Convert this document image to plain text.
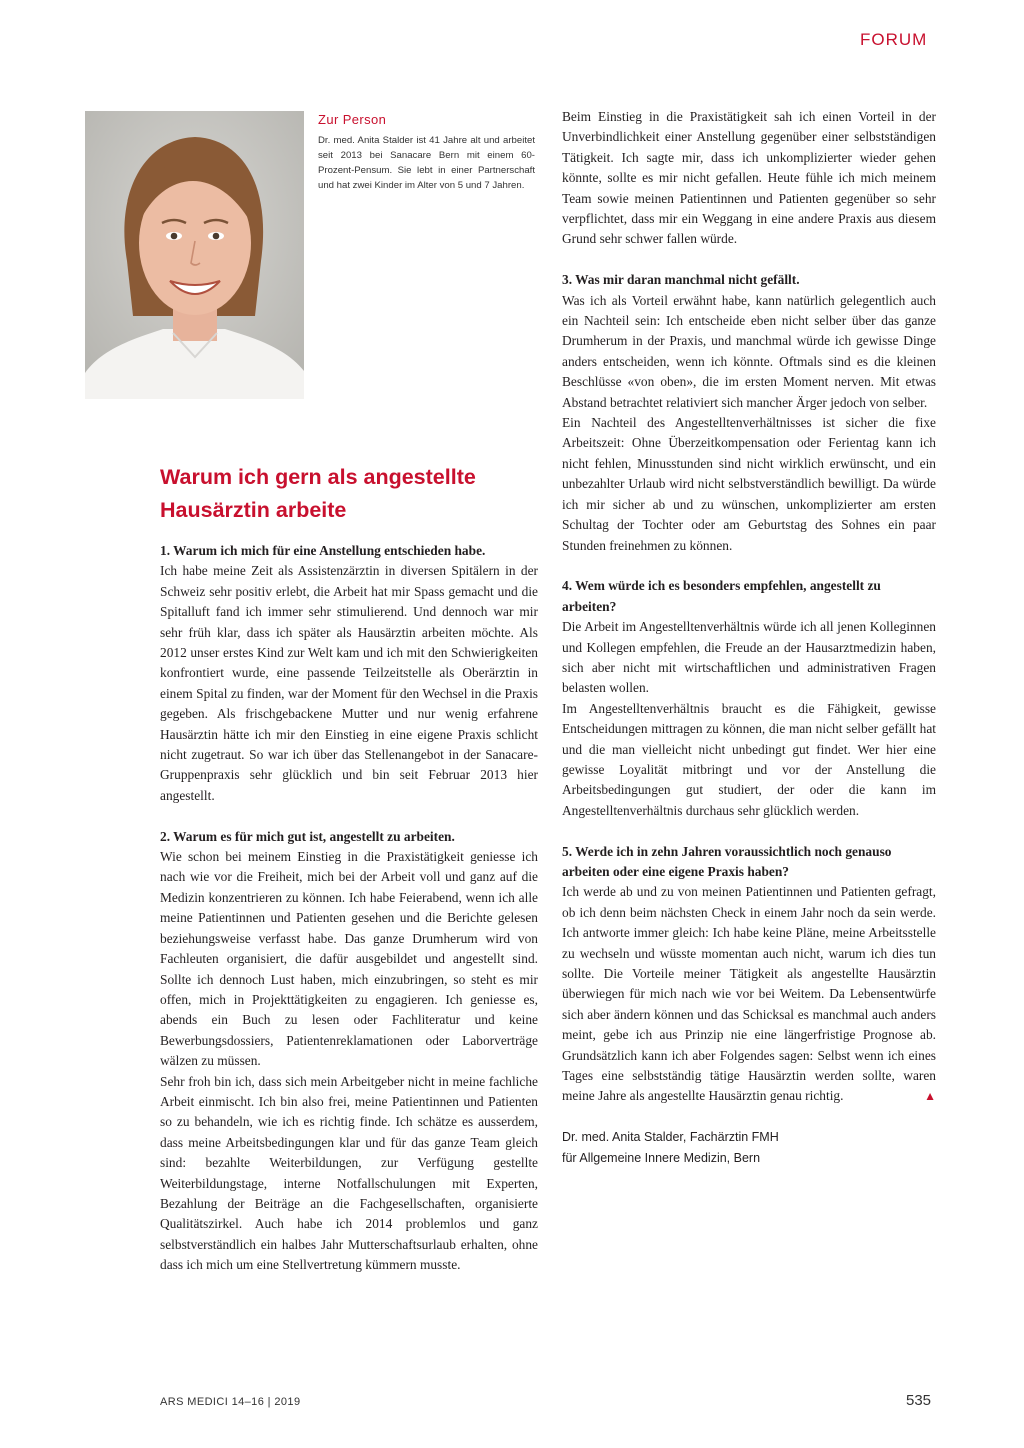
FORUM
Zur Person
Dr. med. Anita Stalder ist 41 Jahre alt und arbeitet seit 2013 bei Sanacare Bern mit einem 60-Prozent-Pensum. Sie lebt in einer Partnerschaft und hat zwei Kinder im Alter von 5 und 7 Jahren.
Warum ich gern als angestellte Hausärztin arbeite
1. Warum ich mich für eine Anstellung entschieden habe.

Ich habe meine Zeit als Assistenzärztin in diversen Spitälern in der Schweiz sehr positiv erlebt, die Arbeit hat mir Spass gemacht und die Spitalluft fand ich immer sehr stimulierend. Und dennoch war mir sehr früh klar, dass ich später als Hausärztin arbeiten möchte. Als 2012 unser erstes Kind zur Welt kam und ich mit den Schwierigkeiten konfrontiert wurde, eine passende Teilzeitstelle als Oberärztin in einem Spital zu finden, war der Moment für den Wechsel in die Praxis gegeben. Als frischgebackene Mutter und nur wenig erfahrene Hausärztin hätte ich mir den Einstieg in eine eigene Praxis schlicht nicht zugetraut. So war ich über das Stellenangebot in der Sanacare-Gruppenpraxis sehr glücklich und bin seit Februar 2013 hier angestellt.

2. Warum es für mich gut ist, angestellt zu arbeiten.

Wie schon bei meinem Einstieg in die Praxistätigkeit geniesse ich nach wie vor die Freiheit, mich bei der Arbeit voll und ganz auf die Medizin konzentrieren zu können. Ich habe Feierabend, wenn ich alle meine Patientinnen und Patienten gesehen und die Berichte gelesen beziehungsweise verfasst habe. Das ganze Drumherum wird von Fachleuten organisiert, die dafür ausgebildet und angestellt sind. Sollte ich dennoch Lust haben, mich einzubringen, so steht es mir offen, mich in Projekttätigkeiten zu engagieren. Ich geniesse es, abends ein Buch zu lesen oder Fachliteratur und keine Bewerbungsdossiers, Patientenreklamationen oder Laborverträge wälzen zu müssen.

Sehr froh bin ich, dass sich mein Arbeitgeber nicht in meine fachliche Arbeit einmischt. Ich bin also frei, meine Patientinnen und Patienten so zu behandeln, wie ich es richtig finde. Ich schätze es ausserdem, dass meine Arbeitsbedingungen klar und für das ganze Team gleich sind: bezahlte Weiterbildungen, zur Verfügung gestellte Weiterbildungstage, interne Notfallschulungen mit Experten, Bezahlung der Beiträge an die Fachgesellschaften, organisierte Qualitätszirkel. Auch habe ich 2014 problemlos und ganz selbstverständlich ein halbes Jahr Mutterschaftsurlaub erhalten, ohne dass ich mich um eine Stellvertretung kümmern musste.

Beim Einstieg in die Praxistätigkeit sah ich einen Vorteil in der Unverbindlichkeit einer Anstellung gegenüber einer selbstständigen Tätigkeit. Ich sagte mir, dass ich unkomplizierter wieder gehen könnte, sollte es mir nicht gefallen. Heute fühle ich mich meinem Team sowie meinen Patientinnen und Patienten gegenüber so sehr verpflichtet, dass mir ein Weggang in eine andere Praxis aus diesem Grund sehr schwer fallen würde.

3. Was mir daran manchmal nicht gefällt.

Was ich als Vorteil erwähnt habe, kann natürlich gelegentlich auch ein Nachteil sein: Ich entscheide eben nicht selber über das ganze Drumherum in der Praxis, und manchmal würde ich gewisse Dinge anders entscheiden, wenn ich könnte. Oftmals sind es die kleinen Beschlüsse «von oben», die im ersten Moment nerven. Mit etwas Abstand betrachtet relativiert sich mancher Ärger jedoch von selber.

Ein Nachteil des Angestelltenverhältnisses ist sicher die fixe Arbeitszeit: Ohne Überzeitkompensation oder Ferientag kann ich nicht fehlen, Minusstunden sind nicht wirklich erwünscht, und ein unbezahlter Urlaub wird nicht selbstverständlich bewilligt. Da würde ich mir sicher ab und zu wünschen, unkomplizierter am ersten Schultag der Tochter oder am Geburtstag des Sohnes ein paar Stunden freinehmen zu können.

4. Wem würde ich es besonders empfehlen, angestellt zu arbeiten?

Die Arbeit im Angestelltenverhältnis würde ich all jenen Kolleginnen und Kollegen empfehlen, die Freude an der Hausarztmedizin haben, sich aber nicht mit wirtschaftlichen und administrativen Fragen belasten wollen.

Im Angestelltenverhältnis braucht es die Fähigkeit, gewisse Entscheidungen mittragen zu können, die man nicht selber gefällt hat und die man vielleicht nicht unbedingt gut findet. Wer hier eine gewisse Loyalität mitbringt und vor der Anstellung die Arbeitsbedingungen gut studiert, der oder die kann im Angestelltenverhältnis durchaus sehr glücklich werden.

5. Werde ich in zehn Jahren voraussichtlich noch genauso arbeiten oder eine eigene Praxis haben?

Ich werde ab und zu von meinen Patientinnen und Patienten gefragt, ob ich denn beim nächsten Check in einem Jahr noch da sein werde. Ich antworte immer gleich: Ich habe keine Pläne, meine Arbeitsstelle zu wechseln und wüsste momentan auch nicht, warum ich dies tun sollte. Die Vorteile meiner Tätigkeit als angestellte Hausärztin überwiegen für mich nach wie vor bei Weitem. Da Lebensentwürfe sich aber ändern können und das Schicksal es manchmal auch anders meint, gebe ich aus Prinzip nie eine längerfristige Prognose ab. Grundsätzlich kann ich aber Folgendes sagen: Selbst wenn ich eines Tages eine selbstständig tätige Hausärztin werden sollte, waren meine Jahre als angestellte Hausärztin genau richtig.	▲

Dr. med. Anita Stalder, Fachärztin FMH
für Allgemeine Innere Medizin, Bern
ARS MEDICI 14–16 | 2019	535
